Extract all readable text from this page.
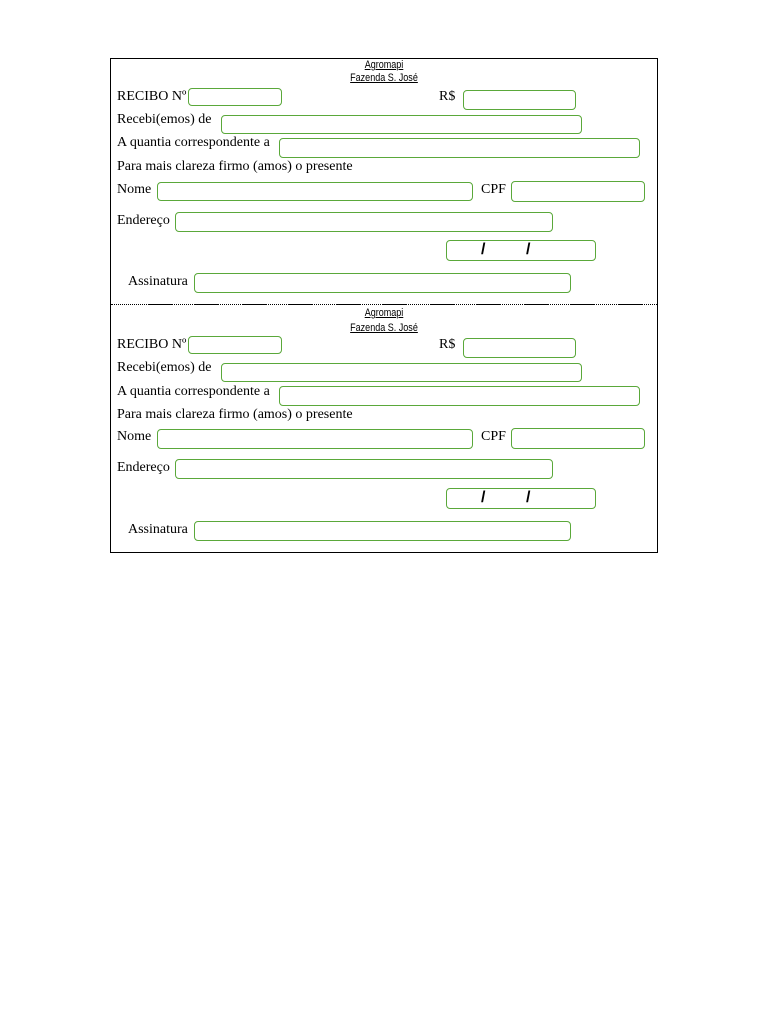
Agromapi
Fazenda S. José
RECIBO Nº	R$
Recebi(emos) de
A quantia correspondente a
Para mais clareza firmo (amos) o presente
Nome	CPF
Endereço
/	/
Assinatura
Agromapi
Fazenda S. José
RECIBO Nº	R$
Recebi(emos) de
A quantia correspondente a
Para mais clareza firmo (amos) o presente
Nome	CPF
Endereço
/	/
Assinatura
